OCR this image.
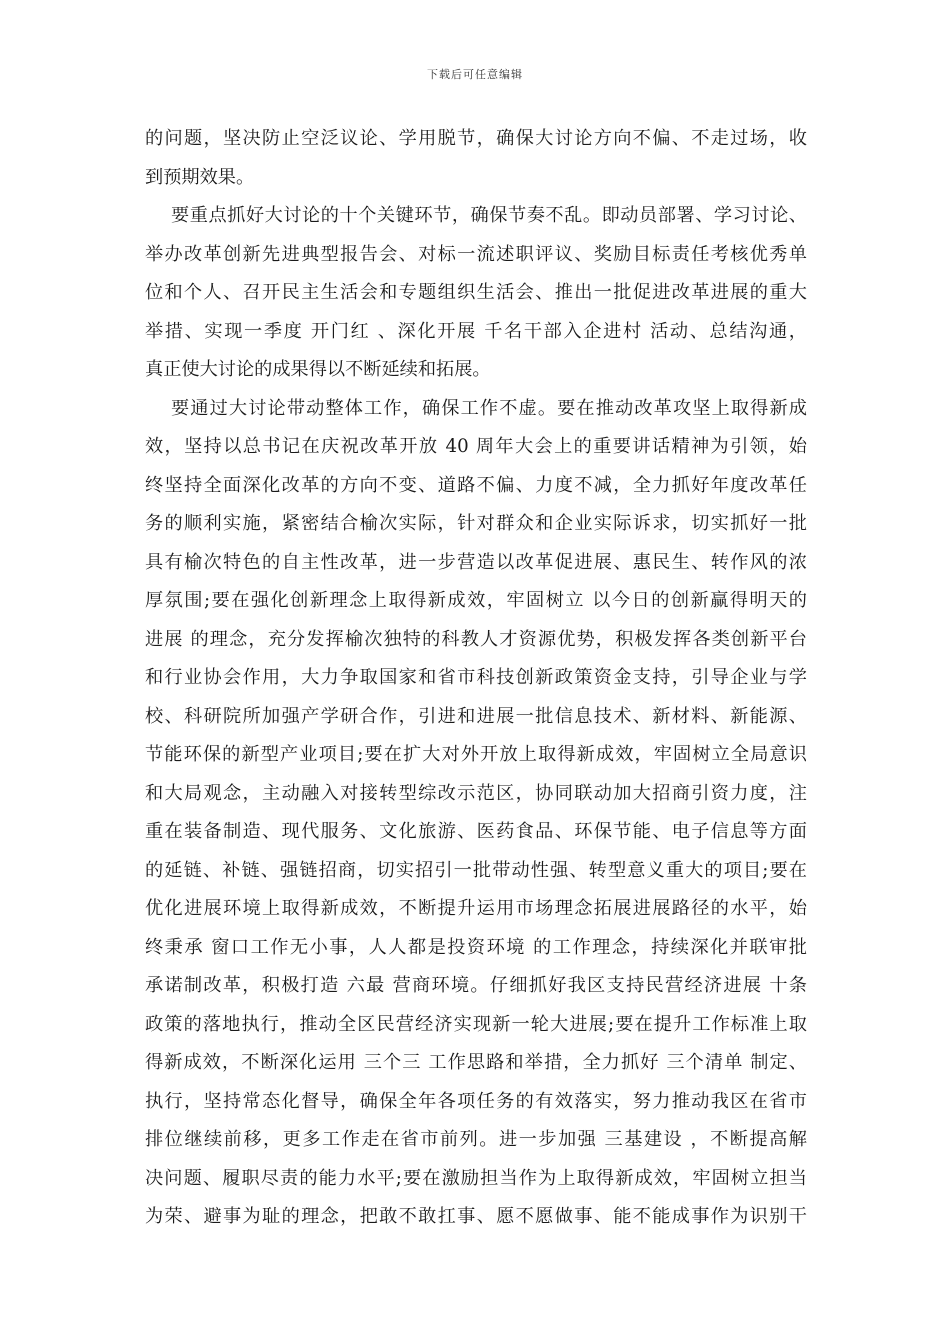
下载后可任意编辑
的问题，坚决防止空泛议论、学用脱节，确保大讨论方向不偏、不走过场，收
到预期效果。
要重点抓好大讨论的十个关键环节，确保节奏不乱。即动员部署、学习讨论、
举办改革创新先进典型报告会、对标一流述职评议、奖励目标责任考核优秀单
位和个人、召开民主生活会和专题组织生活会、推出一批促进改革进展的重大
举措、实现一季度 开门红 、深化开展 千名干部入企进村 活动、总结沟通，
真正使大讨论的成果得以不断延续和拓展。
要通过大讨论带动整体工作，确保工作不虚。要在推动改革攻坚上取得新成
效，坚持以总书记在庆祝改革开放 40 周年大会上的重要讲话精神为引领，始
终坚持全面深化改革的方向不变、道路不偏、力度不减，全力抓好年度改革任
务的顺利实施，紧密结合榆次实际，针对群众和企业实际诉求，切实抓好一批
具有榆次特色的自主性改革，进一步营造以改革促进展、惠民生、转作风的浓
厚氛围;要在强化创新理念上取得新成效，牢固树立 以今日的创新赢得明天的
进展 的理念，充分发挥榆次独特的科教人才资源优势，积极发挥各类创新平台
和行业协会作用，大力争取国家和省市科技创新政策资金支持，引导企业与学
校、科研院所加强产学研合作，引进和进展一批信息技术、新材料、新能源、
节能环保的新型产业项目;要在扩大对外开放上取得新成效，牢固树立全局意识
和大局观念，主动融入对接转型综改示范区，协同联动加大招商引资力度，注
重在装备制造、现代服务、文化旅游、医药食品、环保节能、电子信息等方面
的延链、补链、强链招商，切实招引一批带动性强、转型意义重大的项目;要在
优化进展环境上取得新成效，不断提升运用市场理念拓展进展路径的水平，始
终秉承 窗口工作无小事，人人都是投资环境 的工作理念，持续深化并联审批
承诺制改革，积极打造 六最 营商环境。仔细抓好我区支持民营经济进展 十条
政策的落地执行，推动全区民营经济实现新一轮大进展;要在提升工作标准上取
得新成效，不断深化运用 三个三 工作思路和举措，全力抓好 三个清单 制定、
执行，坚持常态化督导，确保全年各项任务的有效落实，努力推动我区在省市
排位继续前移，更多工作走在省市前列。进一步加强 三基建设 ，不断提高解
决问题、履职尽责的能力水平;要在激励担当作为上取得新成效，牢固树立担当
为荣、避事为耻的理念，把敢不敢扛事、愿不愿做事、能不能成事作为识别干
